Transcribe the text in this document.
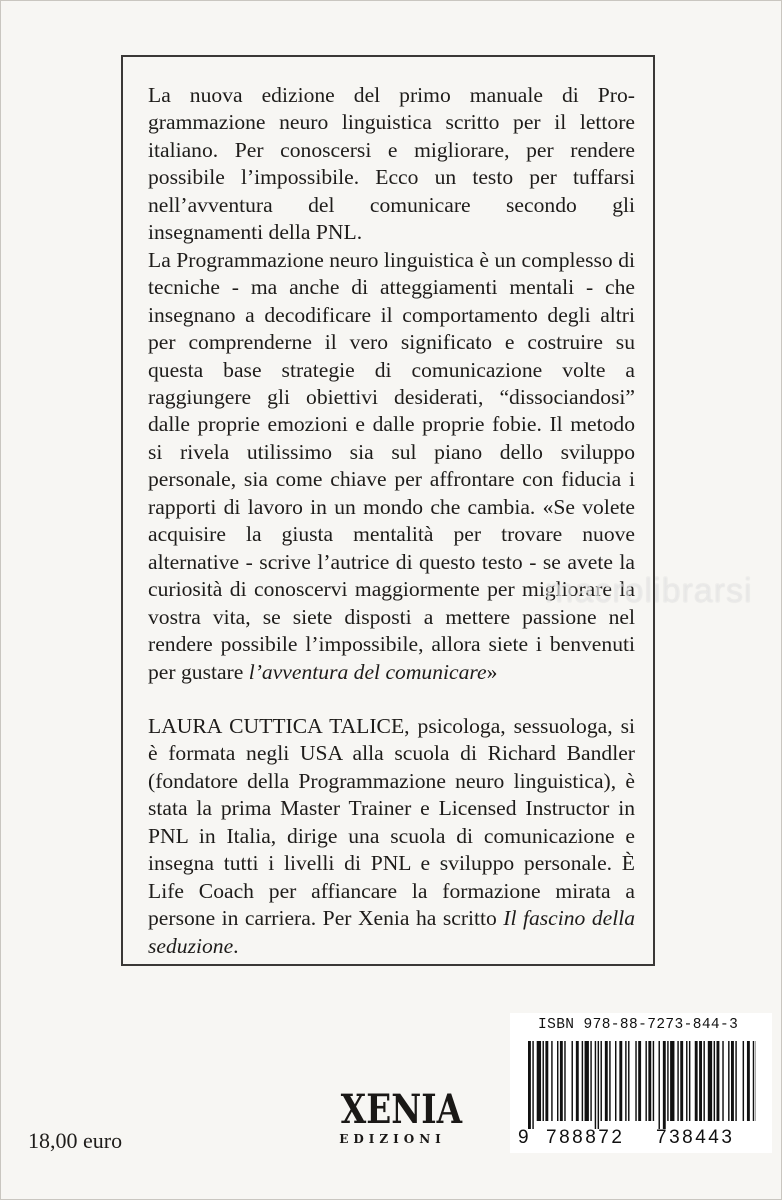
La nuova edizione del primo manuale di Programmazione neuro linguistica scritto per il lettore italiano. Per conoscersi e migliorare, per rendere possibile l’impossibile. Ecco un testo per tuffarsi nell’avventura del comunicare secondo gli insegnamenti della PNL.

La Programmazione neuro linguistica è un complesso di tecniche - ma anche di atteggiamenti mentali - che insegnano a decodificare il comportamento degli altri per comprenderne il vero significato e costruire su questa base strategie di comunicazione volte a raggiungere gli obiettivi desiderati, “dissociandosi” dalle proprie emozioni e dalle proprie fobie. Il metodo si rivela utilissimo sia sul piano dello sviluppo personale, sia come chiave per affrontare con fiducia i rapporti di lavoro in un mondo che cambia. «Se volete acquisire la giusta mentalità per trovare nuove alternative - scrive l’autrice di questo testo - se avete la curiosità di conoscervi maggiormente per migliorare la vostra vita, se siete disposti a mettere passione nel rendere possibile l’impossibile, allora siete i benvenuti per gustare l’avventura del comunicare»

LAURA CUTTICA TALICE, psicologa, sessuologa, si è formata negli USA alla scuola di Richard Bandler (fondatore della Programmazione neuro linguistica), è stata la prima Master Trainer e Licensed Instructor in PNL in Italia, dirige una scuola di comunicazione e insegna tutti i livelli di PNL e sviluppo personale. È Life Coach per affiancare la formazione mirata a persone in carriera. Per Xenia ha scritto Il fascino della seduzione.

macrolibrarsi
ISBN 978-88-7273-844-3
9 788872 738443
XENIA
EDIZIONI
18,00 euro
